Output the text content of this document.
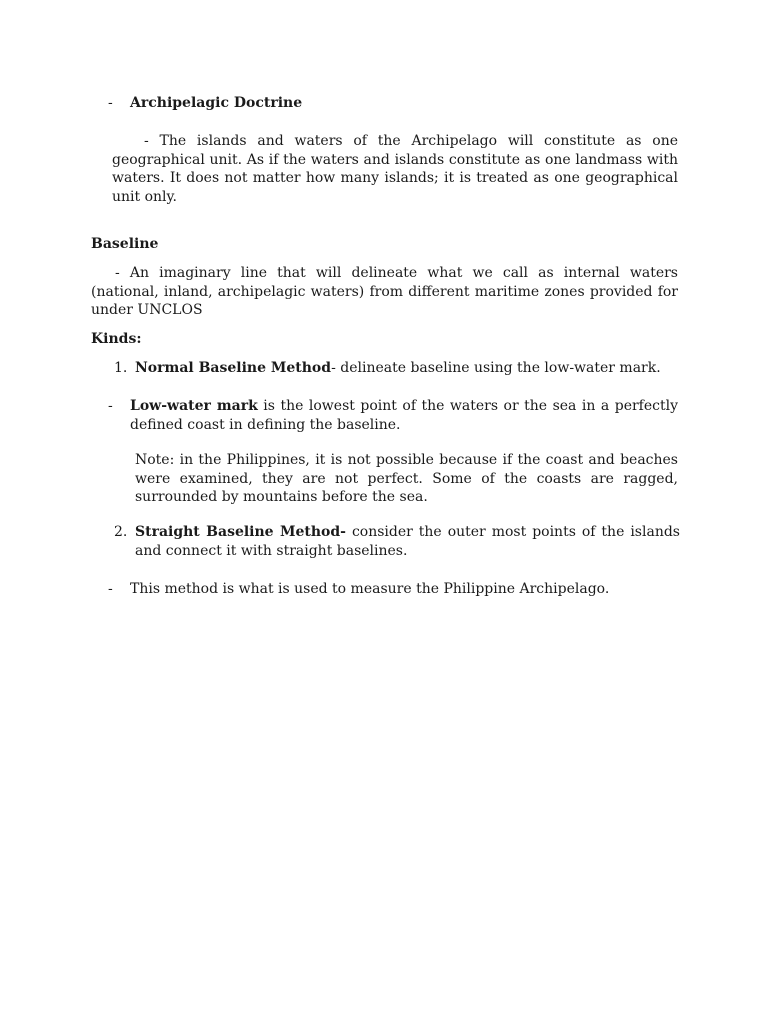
- Archipelagic Doctrine
- The islands and waters of the Archipelago will constitute as one geographical unit. As if the waters and islands constitute as one landmass with waters. It does not matter how many islands; it is treated as one geographical unit only.
Baseline
- An imaginary line that will delineate what we call as internal waters (national, inland, archipelagic waters) from different maritime zones provided for under UNCLOS
Kinds:
1. Normal Baseline Method- delineate baseline using the low-water mark.
- Low-water mark is the lowest point of the waters or the sea in a perfectly defined coast in defining the baseline.
Note: in the Philippines, it is not possible because if the coast and beaches were examined, they are not perfect. Some of the coasts are ragged, surrounded by mountains before the sea.
2. Straight Baseline Method- consider the outer most points of the islands and connect it with straight baselines.
- This method is what is used to measure the Philippine Archipelago.
